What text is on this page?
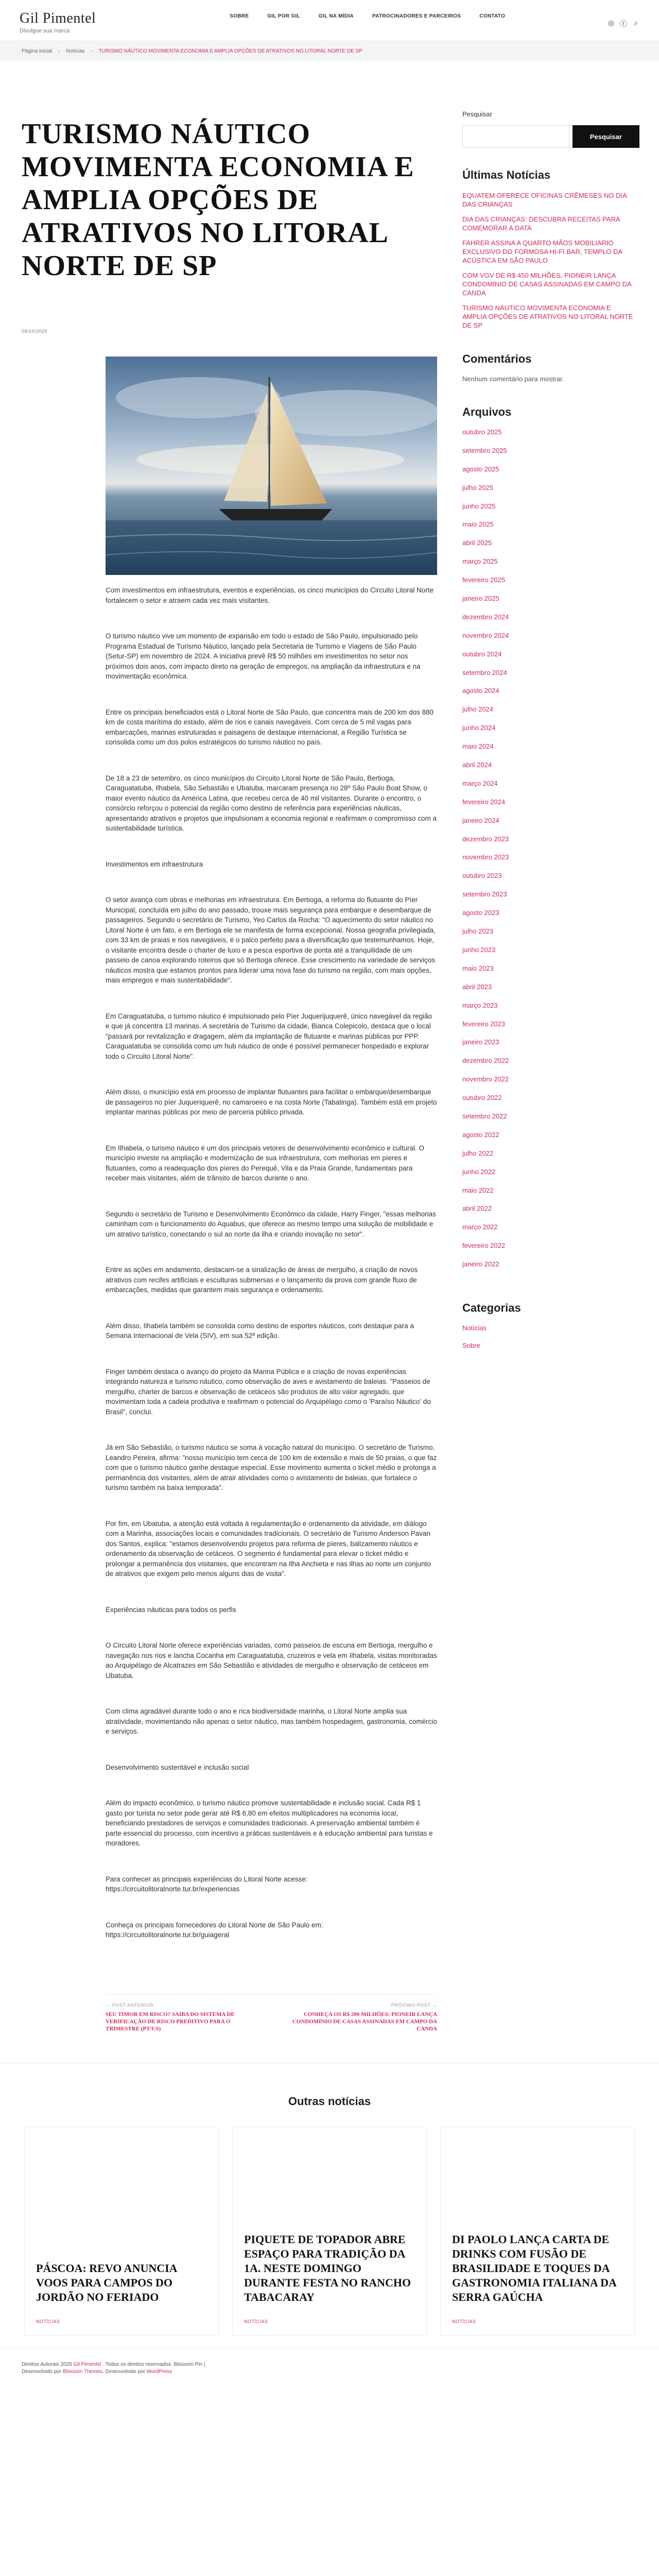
Gil Pimentel
Divulgue sua marca
SOBRE	GIL POR GIL	GIL NA MÍDIA	PATROCINADORES E PARCEIROS	CONTATO
◎ ⓕ ⌕
Página inicial › Notícias › TURISMO NÁUTICO MOVIMENTA ECONOMIA E AMPLIA OPÇÕES DE ATRATIVOS NO LITORAL NORTE DE SP
TURISMO NÁUTICO MOVIMENTA ECONOMIA E AMPLIA OPÇÕES DE ATRATIVOS NO LITORAL NORTE DE SP
09/10/2025

Com investimentos em infraestrutura, eventos e experiências, os cinco municípios do Circuito Litoral Norte fortalecem o setor e atraem cada vez mais visitantes.

O turismo náutico vive um momento de expansão em todo o estado de São Paulo, impulsionado pelo Programa Estadual de Turismo Náutico, lançado pela Secretaria de Turismo e Viagens de São Paulo (Setur-SP) em novembro de 2024. A iniciativa prevê R$ 50 milhões em investimentos no setor nos próximos dois anos, com impacto direto na geração de empregos, na ampliação da infraestrutura e na movimentação econômica.

Entre os principais beneficiados está o Litoral Norte de São Paulo, que concentra mais de 200 km dos 880 km de costa marítima do estado, além de rios e canais navegáveis. Com cerca de 5 mil vagas para embarcações, marinas estruturadas e paisagens de destaque internacional, a Região Turística se consolida como um dos polos estratégicos do turismo náutico no país.

De 18 a 23 de setembro, os cinco municípios do Circuito Litoral Norte de São Paulo, Bertioga, Caraguatatuba, Ilhabela, São Sebastião e Ubatuba, marcaram presença no 28º São Paulo Boat Show, o maior evento náutico da América Latina, que recebeu cerca de 40 mil visitantes. Durante o encontro, o consórcio reforçou o potencial da região como destino de referência para experiências náuticas, apresentando atrativos e projetos que impulsionam a economia regional e reafirmam o compromisso com a sustentabilidade turística.

Investimentos em infraestrutura

O setor avança com obras e melhorias em infraestrutura. Em Bertioga, a reforma do flutuante do Píer Municipal, concluída em julho do ano passado, trouxe mais segurança para embarque e desembarque de passageiros. Segundo o secretário de Turismo, Yeo Carlos da Rocha: "O aquecimento do setor náutico no Litoral Norte é um fato, e em Bertioga ele se manifesta de forma excepcional. Nossa geografia privilegiada, com 33 km de praias e rios navegáveis, é o palco perfeito para a diversificação que testemunhamos. Hoje, o visitante encontra desde o charter de luxo e a pesca esportiva de ponta até a tranquilidade de um passeio de canoa explorando roteiros que só Bertioga oferece. Esse crescimento na variedade de serviços náuticos mostra que estamos prontos para liderar uma nova fase do turismo na região, com mais opções, mais empregos e mais sustentabilidade".

Em Caraguatatuba, o turismo náutico é impulsionado pelo Píer Juquerijuquerê, único navegável da região e que já concentra 13 marinas. A secretária de Turismo da cidade, Bianca Colepicolo, destaca que o local "passará por revitalização e dragagem, além da implantação de flutuante e marinas públicas por PPP. Caraguatatuba se consolida como um hub náutico de onde é possível permanecer hospedado e explorar todo o Circuito Litoral Norte".

Além disso, o município está em processo de implantar flutuantes para facilitar o embarque/desembarque de passageiros no píer Juqueriquerê, no camaroeiro e na costa Norte (Tabatinga). Também está em projeto implantar marinas públicas por meio de parceria público privada.

Em Ilhabela, o turismo náutico é um dos principais vetores de desenvolvimento econômico e cultural. O município investe na ampliação e modernização de sua infraestrutura, com melhorias em píeres e flutuantes, como a readequação dos píeres do Perequê, Vila e da Praia Grande, fundamentais para receber mais visitantes, além de trânsito de barcos durante o ano.

Segundo o secretário de Turismo e Desenvolvimento Econômico da cidade, Harry Finger, "essas melhorias caminham com o funcionamento do Aquabus, que oferece ao mesmo tempo uma solução de mobilidade e um atrativo turístico, conectando o sul ao norte da ilha e criando inovação no setor".

Entre as ações em andamento, destacam-se a sinalização de áreas de mergulho, a criação de novos atrativos com recifes artificiais e esculturas submersas e o lançamento da prova com grande fluxo de embarcações, medidas que garantem mais segurança e ordenamento.

Além disso, Ilhabela também se consolida como destino de esportes náuticos, com destaque para a Semana Internacional de Vela (SIV), em sua 52ª edição.

Finger também destaca o avanço do projeto da Marina Pública e a criação de novas experiências integrando natureza e turismo náutico, como observação de aves e avistamento de baleias. "Passeios de mergulho, charter de barcos e observação de cetáceos são produtos de alto valor agregado, que movimentam toda a cadeia produtiva e reafirmam o potencial do Arquipélago como o 'Paraíso Náutico' do Brasil", conclui.

Já em São Sebastião, o turismo náutico se soma à vocação natural do município. O secretário de Turismo, Leandro Pereira, afirma: "nosso município tem cerca de 100 km de extensão e mais de 50 praias, o que faz com que o turismo náutico ganhe destaque especial. Esse movimento aumenta o ticket médio e prolonga a permanência dos visitantes, além de atrair atividades como o avistamento de baleias, que fortalece o turismo também na baixa temporada".

Por fim, em Ubatuba, a atenção está voltada à regulamentação e ordenamento da atividade, em diálogo com a Marinha, associações locais e comunidades tradicionais. O secretário de Turismo Anderson Pavan dos Santos, explica: "estamos desenvolvendo projetos para reforma de píeres, balizamento náutico e ordenamento da observação de cetáceos. O segmento é fundamental para elevar o ticket médio e prolongar a permanência dos visitantes, que encontram na Ilha Anchieta e nas ilhas ao norte um conjunto de atrativos que exigem pelo menos alguns dias de visita".

Experiências náuticas para todos os perfis

O Circuito Litoral Norte oferece experiências variadas, como passeios de escuna em Bertioga, mergulho e navegação nos rios e lancha Cocanha em Caraguatatuba, cruzeiros e vela em Ilhabela, visitas monitoradas ao Arquipélago de Alcatrazes em São Sebastião e atividades de mergulho e observação de cetáceos em Ubatuba.

Com clima agradável durante todo o ano e rica biodiversidade marinha, o Litoral Norte amplia sua atratividade, movimentando não apenas o setor náutico, mas também hospedagem, gastronomia, comércio e serviços.

Desenvolvimento sustentável e inclusão social

Além do impacto econômico, o turismo náutico promove sustentabilidade e inclusão social. Cada R$ 1 gasto por turista no setor pode gerar até R$ 6,80 em efeitos multiplicadores na economia local, beneficiando prestadores de serviços e comunidades tradicionais. A preservação ambiental também é parte essencial do processo, com incentivo a práticas sustentáveis e à educação ambiental para turistas e moradores.

Para conhecer as principais experiências do Litoral Norte acesse: https://circuitolitoralnorte.tur.br/experiencias

Conheça os principais fornecedores do Litoral Norte de São Paulo em: https://circuitolitoralnorte.tur.br/guiageral

← POST ANTERIOR
SEU TIMOR EM RISCO? SAIBA DO SISTEMA DE VERIFICAÇÃO DE RISCO PREDITIVO PARA O TRIMESTRE (PT/US)
PRÓXIMO POST →
CONHEÇA OS R$ 200 MILHÕES: PIONEIR LANÇA CONDOMÍNIO DE CASAS ASSINADAS EM CAMPO DA CANDA
Pesquisar
Pesquisar
Últimas Notícias
EQUATEM OFERECE OFICINAS CRÊMESES NO DIA DAS CRIANÇAS
DIA DAS CRIANÇAS: DESCUBRA RECEITAS PARA COMEMORAR A DATA
FAHRER ASSINA A QUARTO MÃOS MOBILIARIO EXCLUSIVO DO FORMOSA HI-FI BAR, TEMPLO DA ACÚSTICA EM SÃO PAULO
COM VGV DE R$ 450 MILHÕES, PIONEIR LANÇA CONDOMÍNIO DE CASAS ASSINADAS EM CAMPO DA CANDA
TURISMO NÁUTICO MOVIMENTA ECONOMIA E AMPLIA OPÇÕES DE ATRATIVOS NO LITORAL NORTE DE SP
Comentários
Nenhum comentário para mostrar.
Arquivos
outubro 2025
setembro 2025
agosto 2025
julho 2025
junho 2025
maio 2025
abril 2025
março 2025
fevereiro 2025
janeiro 2025
dezembro 2024
novembro 2024
outubro 2024
setembro 2024
agosto 2024
julho 2024
junho 2024
maio 2024
abril 2024
março 2024
fevereiro 2024
janeiro 2024
dezembro 2023
novembro 2023
outubro 2023
setembro 2023
agosto 2023
julho 2023
junho 2023
maio 2023
abril 2023
março 2023
fevereiro 2023
janeiro 2023
dezembro 2022
novembro 2022
outubro 2022
setembro 2022
agosto 2022
julho 2022
junho 2022
maio 2022
abril 2022
março 2022
fevereiro 2022
janeiro 2022
Categorias
Notícias
Sobre
Outras notícias
PÁSCOA: REVO ANUNCIA VOOS PARA CAMPOS DO JORDÃO NO FERIADO
NOTÍCIAS
PIQUETE DE TOPADOR ABRE ESPAÇO PARA TRADIÇÃO DA 1A. NESTE DOMINGO DURANTE FESTA NO RANCHO TABACARAY
NOTÍCIAS
DI PAOLO LANÇA CARTA DE DRINKS COM FUSÃO DE BRASILIDADE E TOQUES DA GASTRONOMIA ITALIANA DA SERRA GAÚCHA
NOTÍCIAS
Direitos Autorais 2025 Gil Pimentel . Todos os direitos reservados. Blossom Pin |
Desenvolvido por Blossom Themes. Desenvolvido por WordPress
